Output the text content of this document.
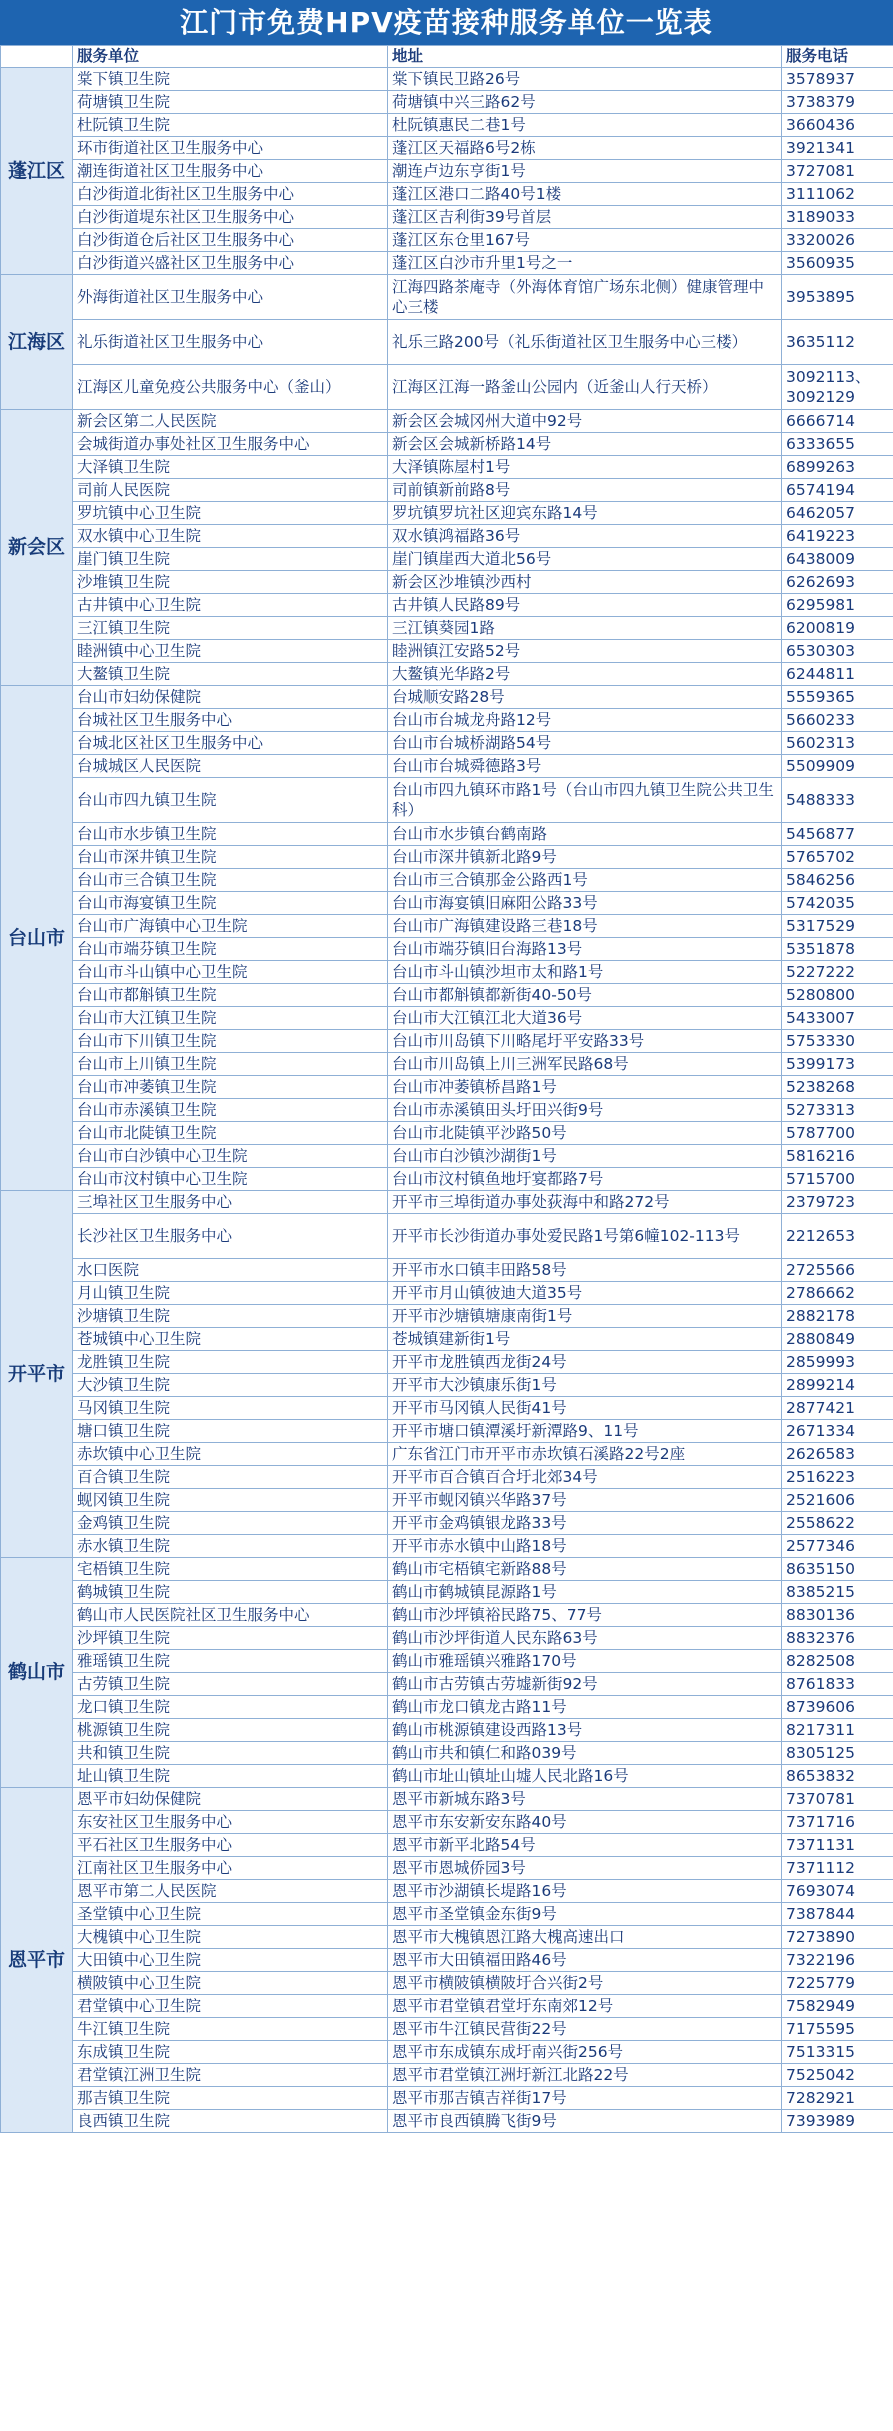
江门市免费HPV疫苗接种服务单位一览表
	服务单位	地址	服务电话
蓬江区	棠下镇卫生院	棠下镇民卫路26号	3578937
	荷塘镇卫生院	荷塘镇中兴三路62号	3738379
	杜阮镇卫生院	杜阮镇惠民二巷1号	3660436
	环市街道社区卫生服务中心	蓬江区天福路6号2栋	3921341
	潮连街道社区卫生服务中心	潮连卢边东亨街1号	3727081
	白沙街道北街社区卫生服务中心	蓬江区港口二路40号1楼	3111062
	白沙街道堤东社区卫生服务中心	蓬江区吉利街39号首层	3189033
	白沙街道仓后社区卫生服务中心	蓬江区东仓里167号	3320026
	白沙街道兴盛社区卫生服务中心	蓬江区白沙市升里1号之一	3560935
江海区	外海街道社区卫生服务中心	江海四路茶庵寺（外海体育馆广场东北侧）健康管理中心三楼	3953895
	礼乐街道社区卫生服务中心	礼乐三路200号（礼乐街道社区卫生服务中心三楼）	3635112
	江海区儿童免疫公共服务中心（釜山）	江海区江海一路釜山公园内（近釜山人行天桥）	3092113、3092129
新会区	新会区第二人民医院	新会区会城冈州大道中92号	6666714
	会城街道办事处社区卫生服务中心	新会区会城新桥路14号	6333655
	大泽镇卫生院	大泽镇陈屋村1号	6899263
	司前人民医院	司前镇新前路8号	6574194
	罗坑镇中心卫生院	罗坑镇罗坑社区迎宾东路14号	6462057
	双水镇中心卫生院	双水镇鸿福路36号	6419223
	崖门镇卫生院	崖门镇崖西大道北56号	6438009
	沙堆镇卫生院	新会区沙堆镇沙西村	6262693
	古井镇中心卫生院	古井镇人民路89号	6295981
	三江镇卫生院	三江镇葵园1路	6200819
	睦洲镇中心卫生院	睦洲镇江安路52号	6530303
	大鳌镇卫生院	大鳌镇光华路2号	6244811
台山市	台山市妇幼保健院	台城顺安路28号	5559365
	台城社区卫生服务中心	台山市台城龙舟路12号	5660233
	台城北区社区卫生服务中心	台山市台城桥湖路54号	5602313
	台城城区人民医院	台山市台城舜德路3号	5509909
	台山市四九镇卫生院	台山市四九镇环市路1号（台山市四九镇卫生院公共卫生科）	5488333
	台山市水步镇卫生院	台山市水步镇台鹤南路	5456877
	台山市深井镇卫生院	台山市深井镇新北路9号	5765702
	台山市三合镇卫生院	台山市三合镇那金公路西1号	5846256
	台山市海宴镇卫生院	台山市海宴镇旧麻阳公路33号	5742035
	台山市广海镇中心卫生院	台山市广海镇建设路三巷18号	5317529
	台山市端芬镇卫生院	台山市端芬镇旧台海路13号	5351878
	台山市斗山镇中心卫生院	台山市斗山镇沙坦市太和路1号	5227222
	台山市都斛镇卫生院	台山市都斛镇都新街40-50号	5280800
	台山市大江镇卫生院	台山市大江镇江北大道36号	5433007
	台山市下川镇卫生院	台山市川岛镇下川略尾圩平安路33号	5753330
	台山市上川镇卫生院	台山市川岛镇上川三洲军民路68号	5399173
	台山市冲萎镇卫生院	台山市冲萎镇桥昌路1号	5238268
	台山市赤溪镇卫生院	台山市赤溪镇田头圩田兴街9号	5273313
	台山市北陡镇卫生院	台山市北陡镇平沙路50号	5787700
	台山市白沙镇中心卫生院	台山市白沙镇沙湖街1号	5816216
	台山市汶村镇中心卫生院	台山市汶村镇鱼地圩宴都路7号	5715700
开平市	三埠社区卫生服务中心	开平市三埠街道办事处荻海中和路272号	2379723
	长沙社区卫生服务中心	开平市长沙街道办事处爱民路1号第6幢102-113号	2212653
	水口医院	开平市水口镇丰田路58号	2725566
	月山镇卫生院	开平市月山镇彼迪大道35号	2786662
	沙塘镇卫生院	开平市沙塘镇塘康南街1号	2882178
	苍城镇中心卫生院	苍城镇建新街1号	2880849
	龙胜镇卫生院	开平市龙胜镇西龙街24号	2859993
	大沙镇卫生院	开平市大沙镇康乐街1号	2899214
	马冈镇卫生院	开平市马冈镇人民街41号	2877421
	塘口镇卫生院	开平市塘口镇潭溪圩新潭路9、11号	2671334
	赤坎镇中心卫生院	广东省江门市开平市赤坎镇石溪路22号2座	2626583
	百合镇卫生院	开平市百合镇百合圩北郊34号	2516223
	蚬冈镇卫生院	开平市蚬冈镇兴华路37号	2521606
	金鸡镇卫生院	开平市金鸡镇银龙路33号	2558622
	赤水镇卫生院	开平市赤水镇中山路18号	2577346
鹤山市	宅梧镇卫生院	鹤山市宅梧镇宅新路88号	8635150
	鹤城镇卫生院	鹤山市鹤城镇昆源路1号	8385215
	鹤山市人民医院社区卫生服务中心	鹤山市沙坪镇裕民路75、77号	8830136
	沙坪镇卫生院	鹤山市沙坪街道人民东路63号	8832376
	雅瑶镇卫生院	鹤山市雅瑶镇兴雅路170号	8282508
	古劳镇卫生院	鹤山市古劳镇古劳墟新街92号	8761833
	龙口镇卫生院	鹤山市龙口镇龙古路11号	8739606
	桃源镇卫生院	鹤山市桃源镇建设西路13号	8217311
	共和镇卫生院	鹤山市共和镇仁和路039号	8305125
	址山镇卫生院	鹤山市址山镇址山墟人民北路16号	8653832
恩平市	恩平市妇幼保健院	恩平市新城东路3号	7370781
	东安社区卫生服务中心	恩平市东安新安东路40号	7371716
	平石社区卫生服务中心	恩平市新平北路54号	7371131
	江南社区卫生服务中心	恩平市恩城侨园3号	7371112
	恩平市第二人民医院	恩平市沙湖镇长堤路16号	7693074
	圣堂镇中心卫生院	恩平市圣堂镇金东街9号	7387844
	大槐镇中心卫生院	恩平市大槐镇恩江路大槐高速出口	7273890
	大田镇中心卫生院	恩平市大田镇福田路46号	7322196
	横陂镇中心卫生院	恩平市横陂镇横陂圩合兴街2号	7225779
	君堂镇中心卫生院	恩平市君堂镇君堂圩东南郊12号	7582949
	牛江镇卫生院	恩平市牛江镇民营街22号	7175595
	东成镇卫生院	恩平市东成镇东成圩南兴街256号	7513315
	君堂镇江洲卫生院	恩平市君堂镇江洲圩新江北路22号	7525042
	那吉镇卫生院	恩平市那吉镇吉祥街17号	7282921
	良西镇卫生院	恩平市良西镇腾飞街9号	7393989
